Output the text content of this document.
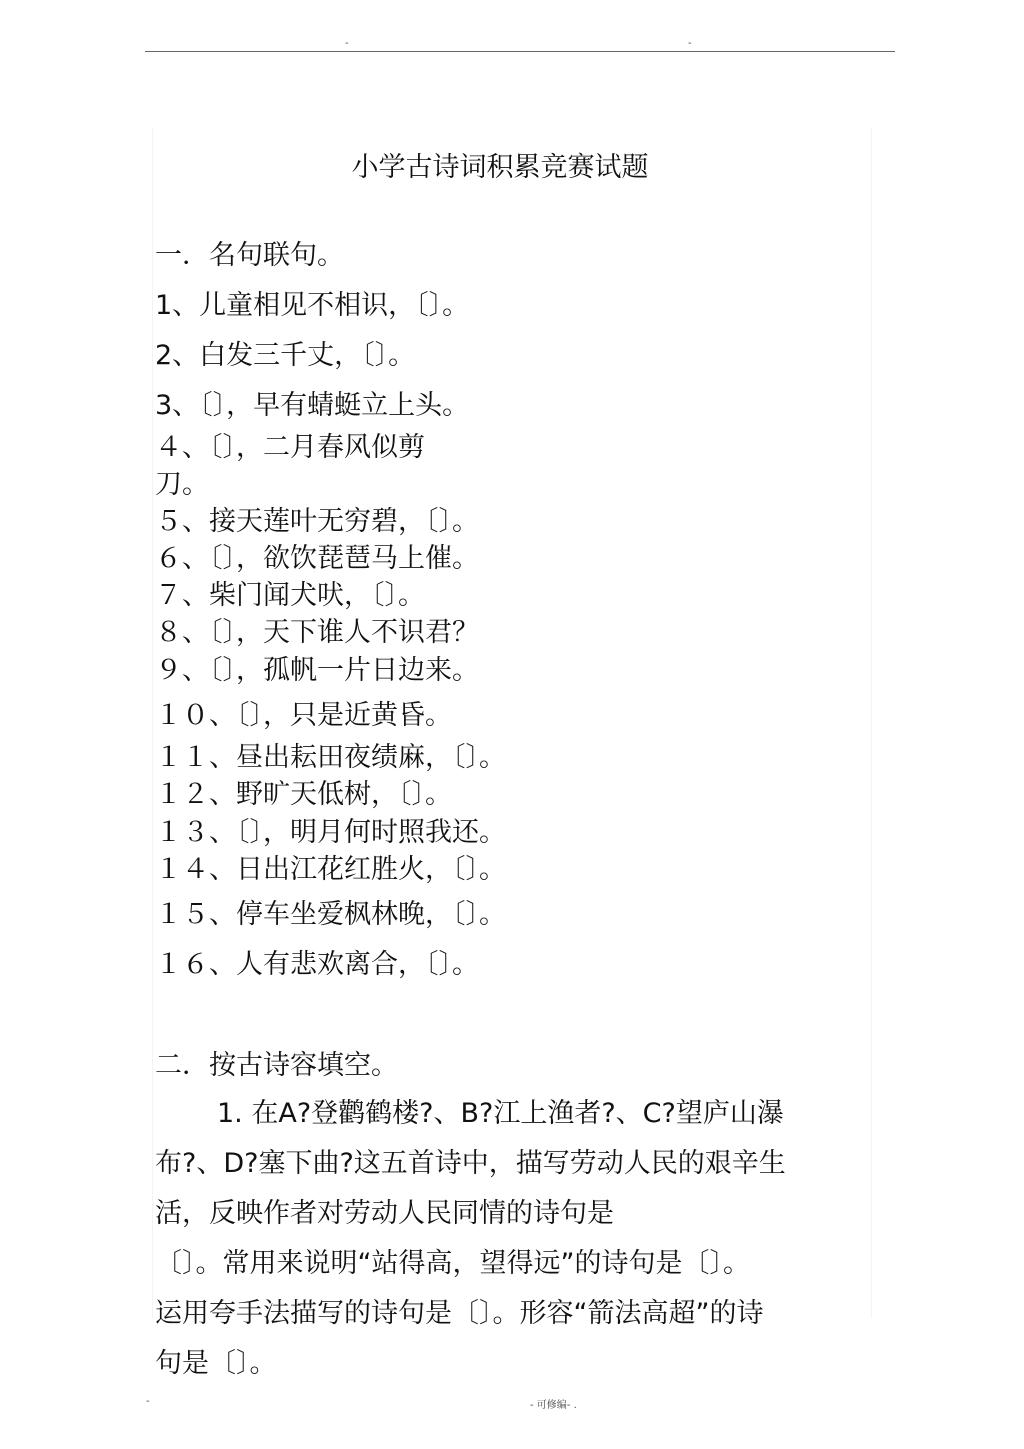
-	-
小学古诗词积累竞赛试题
一．名句联句。
1、儿童相见不相识，〔〕。
2、白发三千丈，〔〕。
3、〔〕，早有蜻蜓立上头。
４、〔〕，二月春风似剪
刀。
５、接天莲叶无穷碧，〔〕。
６、〔〕，欲饮琵琶马上催。
７、柴门闻犬吠，〔〕。
８、〔〕，天下谁人不识君？
９、〔〕，孤帆一片日边来。
１０、〔〕，只是近黄昏。
１１、昼出耘田夜绩麻，〔〕。
１２、野旷天低树，〔〕。
１３、〔〕，明月何时照我还。
１４、日出江花红胜火，〔〕。
１５、停车坐爱枫林晚，〔〕。
１６、人有悲欢离合，〔〕。
二．按古诗容填空。
1. 在A?登鹳鹤楼?、B?江上渔者?、C?望庐山瀑
布?、D?塞下曲?这五首诗中，描写劳动人民的艰辛生
活，反映作者对劳动人民同情的诗句是
〔〕。常用来说明“站得高，望得远”的诗句是〔〕。
运用夸手法描写的诗句是〔〕。形容“箭法高超”的诗
句是〔〕。
-	- 可修编- .
